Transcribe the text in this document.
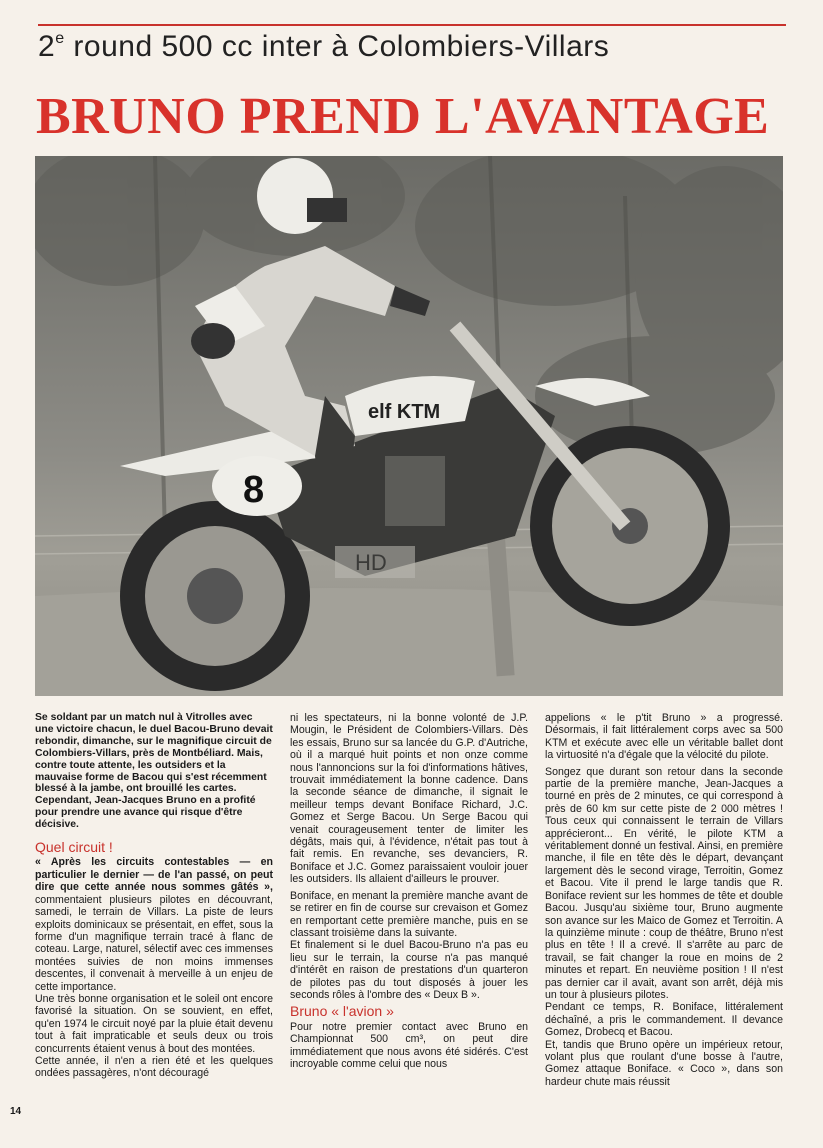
2e round 500 cc inter à Colombiers-Villars
BRUNO PREND L'AVANTAGE
elf KTM
8
HD

Se soldant par un match nul à Vitrolles avec une victoire chacun, le duel Bacou-Bruno devait rebondir, dimanche, sur le magnifique circuit de Colombiers-Villars, près de Montbéliard. Mais, contre toute attente, les outsiders et la mauvaise forme de Bacou qui s'est récemment blessé à la jambe, ont brouillé les cartes. Cependant, Jean-Jacques Bruno en a profité pour prendre une avance qui risque d'être décisive.

Quel circuit !

« Après les circuits contestables — en particulier le dernier — de l'an passé, on peut dire que cette année nous sommes gâtés », commentaient plusieurs pilotes en découvrant, samedi, le terrain de Villars. La piste de leurs exploits dominicaux se présentait, en effet, sous la forme d'un magnifique terrain tracé à flanc de coteau. Large, naturel, sélectif avec ces immenses montées suivies de non moins immenses descentes, il convenait à merveille à un enjeu de cette importance.

Une très bonne organisation et le soleil ont encore favorisé la situation. On se souvient, en effet, qu'en 1974 le circuit noyé par la pluie était devenu tout à fait impraticable et seuls deux ou trois concurrents étaient venus à bout des montées.

Cette année, il n'en a rien été et les quelques ondées passagères, n'ont découragé

ni les spectateurs, ni la bonne volonté de J.P. Mougin, le Président de Colombiers-Villars. Dès les essais, Bruno sur sa lancée du G.P. d'Autriche, où il a marqué huit points et non onze comme nous l'annoncions sur la foi d'informations hâtives, trouvait immédiatement la bonne cadence. Dans la seconde séance de dimanche, il signait le meilleur temps devant Boniface Richard, J.C. Gomez et Serge Bacou. Un Serge Bacou qui venait courageusement tenter de limiter les dégâts, mais qui, à l'évidence, n'était pas tout à fait remis. En revanche, ses devanciers, R. Boniface et J.C. Gomez paraissaient vouloir jouer les outsiders. Ils allaient d'ailleurs le prouver.

Boniface, en menant la première manche avant de se retirer en fin de course sur crevaison et Gomez en remportant cette première manche, puis en se classant troisième dans la suivante.

Et finalement si le duel Bacou-Bruno n'a pas eu lieu sur le terrain, la course n'a pas manqué d'intérêt en raison de prestations d'un quarteron de pilotes pas du tout disposés à jouer les seconds rôles à l'ombre des « Deux B ».

Bruno « l'avion »

Pour notre premier contact avec Bruno en Championnat 500 cm³, on peut dire immédiatement que nous avons été sidérés. C'est incroyable comme celui que nous

appelions « le p'tit Bruno » a progressé. Désormais, il fait littéralement corps avec sa 500 KTM et exécute avec elle un véritable ballet dont la virtuosité n'a d'égale que la vélocité du pilote.

Songez que durant son retour dans la seconde partie de la première manche, Jean-Jacques a tourné en près de 2 minutes, ce qui correspond à près de 60 km sur cette piste de 2 000 mètres ! Tous ceux qui connaissent le terrain de Villars apprécieront... En vérité, le pilote KTM a véritablement donné un festival. Ainsi, en première manche, il file en tête dès le départ, devançant largement dès le second virage, Terroitin, Gomez et Bacou. Vite il prend le large tandis que R. Boniface revient sur les hommes de tête et double Bacou. Jusqu'au sixième tour, Bruno augmente son avance sur les Maico de Gomez et Terroitin. A la quinzième minute : coup de théâtre, Bruno n'est plus en tête ! Il a crevé. Il s'arrête au parc de travail, se fait changer la roue en moins de 2 minutes et repart. En neuvième position ! Il n'est pas dernier car il avait, avant son arrêt, déjà mis un tour à plusieurs pilotes.

Pendant ce temps, R. Boniface, littéralement déchaîné, a pris le commandement. Il devance Gomez, Drobecq et Bacou.

Et, tandis que Bruno opère un impérieux retour, volant plus que roulant d'une bosse à l'autre, Gomez attaque Boniface. « Coco », dans son hardeur chute mais réussit

14
